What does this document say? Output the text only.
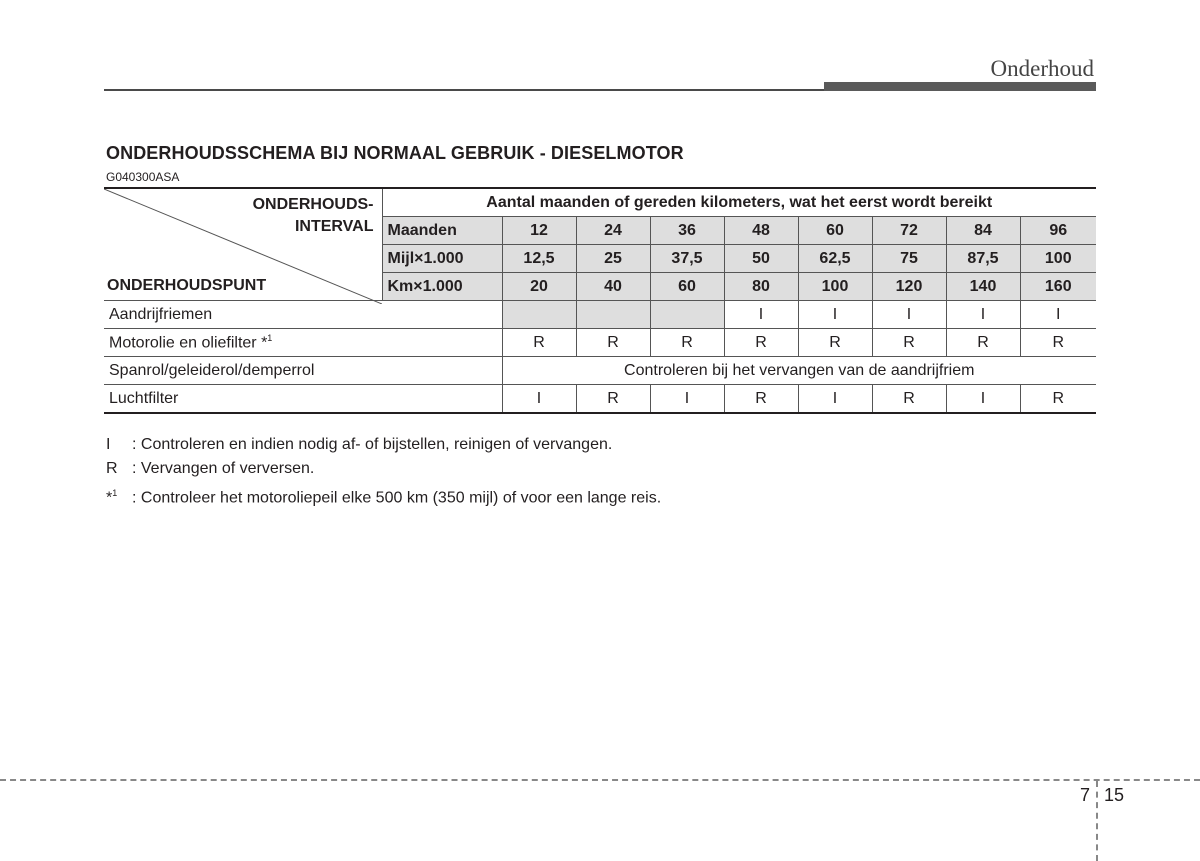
Onderhoud
ONDERHOUDSSCHEMA BIJ NORMAAL GEBRUIK - DIESELMOTOR
G040300ASA
ONDERHOUDS-
INTERVAL
ONDERHOUDSPUNT	Aantal maanden of gereden kilometers, wat het eerst wordt bereikt								
	Maanden	12	24	36	48	60	72	84	96
	Mijl×1.000	12,5	25	37,5	50	62,5	75	87,5	100
	Km×1.000	20	40	60	80	100	120	140	160
Aandrijfriemen					I	I	I	I	I
Motorolie en oliefilter *$^1$		R	R	R	R	R	R	R	R
Spanrol/geleiderol/demperrol		Controleren bij het vervangen van de aandrijfriem							
Luchtfilter		I	R	I	R	I	R	I	R
I : Controleren en indien nodig af- of bijstellen, reinigen of vervangen.
R : Vervangen of verversen.
*$^1$ : Controleer het motoroliepeil elke 500 km (350 mijl) of voor een lange reis.
7 15
